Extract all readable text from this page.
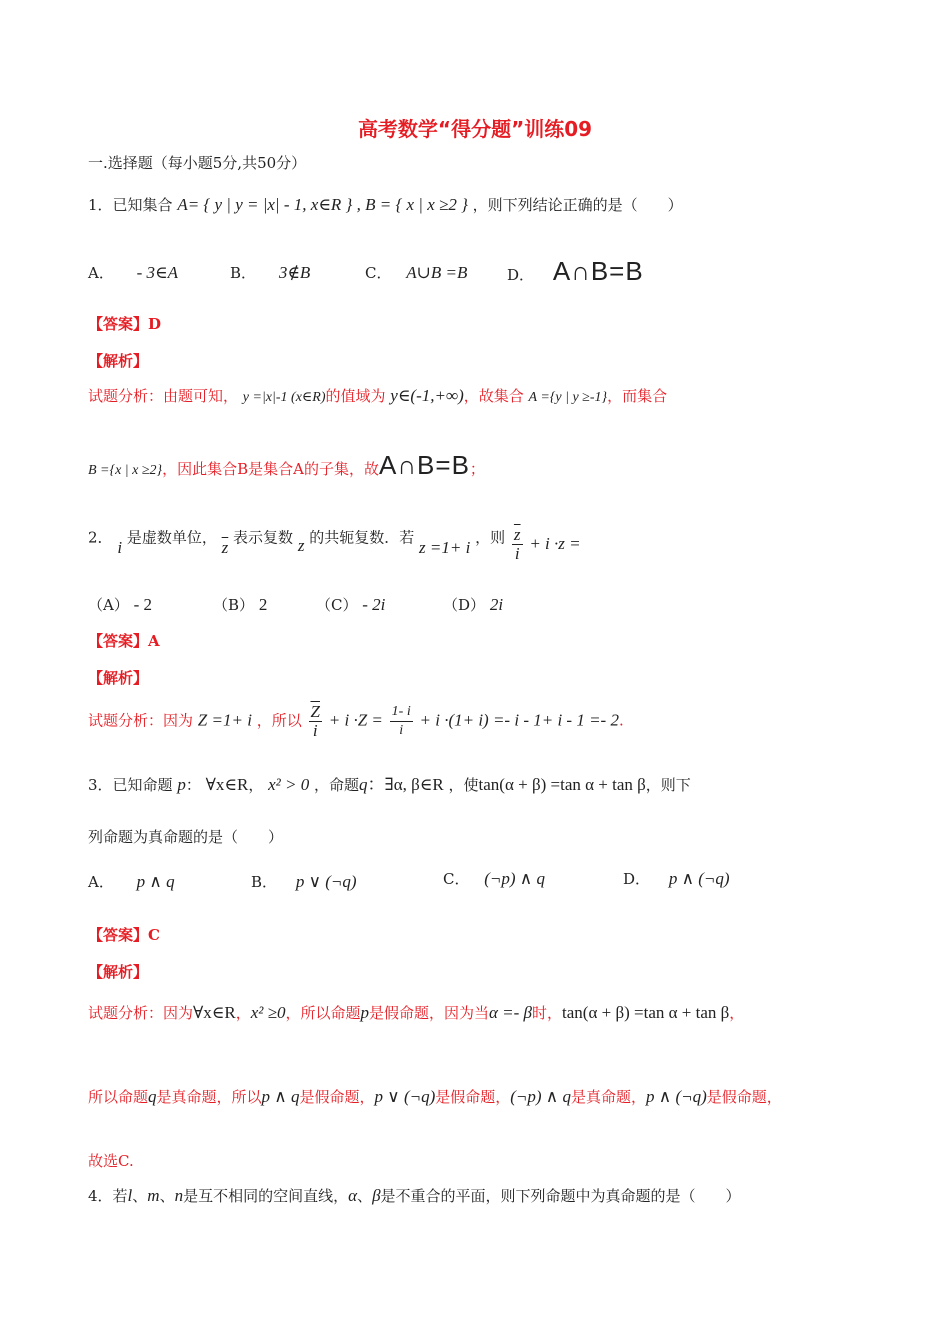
高考数学“得分题”训练09
一.选择题（每小题5分,共50分）
1．已知集合 A= { y | y = |x| - 1, x∈R } , B = { x | x ≥2 } ，则下列结论正确的是（　　）
A． - 3∈A	B． 3∉B	C． A∪B =B	D． A∩B=B
【答案】D
【解析】
试题分析：由题可知， y =|x|-1 (x∈R)的值域为 y∈(-1,+∞)，故集合 A ={y | y ≥-1}，而集合
B ={x | x ≥2}，因此集合B是集合A的子集，故A∩B=B；
2． i 是虚数单位， $\overline{z}$ 表示复数 z 的共轭复数．若 z =1+ i ，则 $\frac{\overline{z}}{i} + i \cdot z$ =
（A） - 2	（B） 2	（C） - 2i	（D） 2i
【答案】A
【解析】
试题分析：因为 Z =1+ i ，所以 $\frac{\overline{Z}}{i} + i \cdot Z = \frac{1- i}{i} + i \cdot(1+ i) =- i - 1+ i - 1 =- 2$.
3．已知命题 p： ∀x∈R， x² > 0 ，命题q：∃α, β∈R ，使tan(α + β) =tan α + tan β，则下
列命题为真命题的是（　　）
A． p ∧ q	B． p ∨ (¬q)	C． (¬p) ∧ q	D． p ∧ (¬q)
【答案】C
【解析】
试题分析：因为∀x∈R，x² ≥0，所以命题p是假命题，因为当α =- β时，tan(α + β) =tan α + tan β，
所以命题q是真命题，所以p ∧ q是假命题，p ∨ (¬q)是假命题，(¬p) ∧ q是真命题，p ∧ (¬q)是假命题，
故选C.
4．若l、m、n是互不相同的空间直线，α、β是不重合的平面，则下列命题中为真命题的是（　　）
